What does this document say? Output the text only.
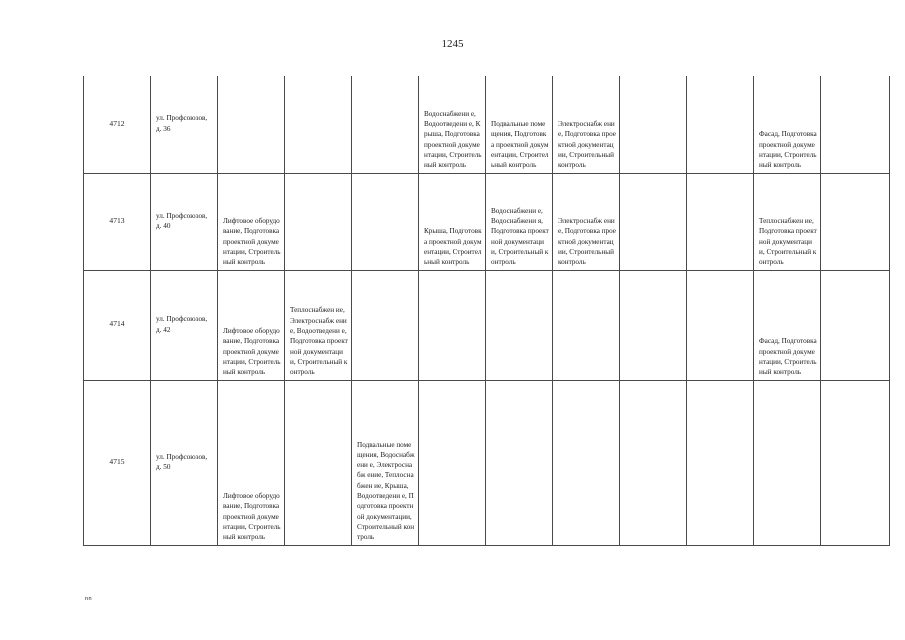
1245
4712	ул. Профсоюзов, д. 36				Водоснабжени е, Водоотведени е, Крыша, Подготовка проектной документации, Строительный контроль	Подвальные помещения, Подготовка проектной документации, Строительный контроль	Электроснабж ение, Подготовка проектной документации, Строительный контроль			Фасад, Подготовка проектной документации, Строительный контроль	
4713	ул. Профсоюзов, д. 40	Лифтовое оборудование, Подготовка проектной документации, Строительный контроль			Крыша, Подготовка проектной документации, Строительный контроль	Водоснабжени е, Водоснабжени я, Подготовка проектной документации, Строительный контроль	Электроснабж ение, Подготовка проектной документации, Строительный контроль			Теплоснабжен ие, Подготовка проектной документации, Строительный контроль	
4714	ул. Профсоюзов, д. 42	Лифтовое оборудование, Подготовка проектной документации, Строительный контроль	Теплоснабжен ие, Электроснабж ение, Водоотведени е, Подготовка проектной документации, Строительный контроль							Фасад, Подготовка проектной документации, Строительный контроль	
4715	ул. Профсоюзов, д. 50	Лифтовое оборудование, Подготовка проектной документации, Строительный контроль		Подвальные помещения, Водоснабжени е, Электроснабж ение, Теплоснабжен ие, Крыша, Водоотведени е, Подготовка проектной документации, Строительный контроль							
nn
